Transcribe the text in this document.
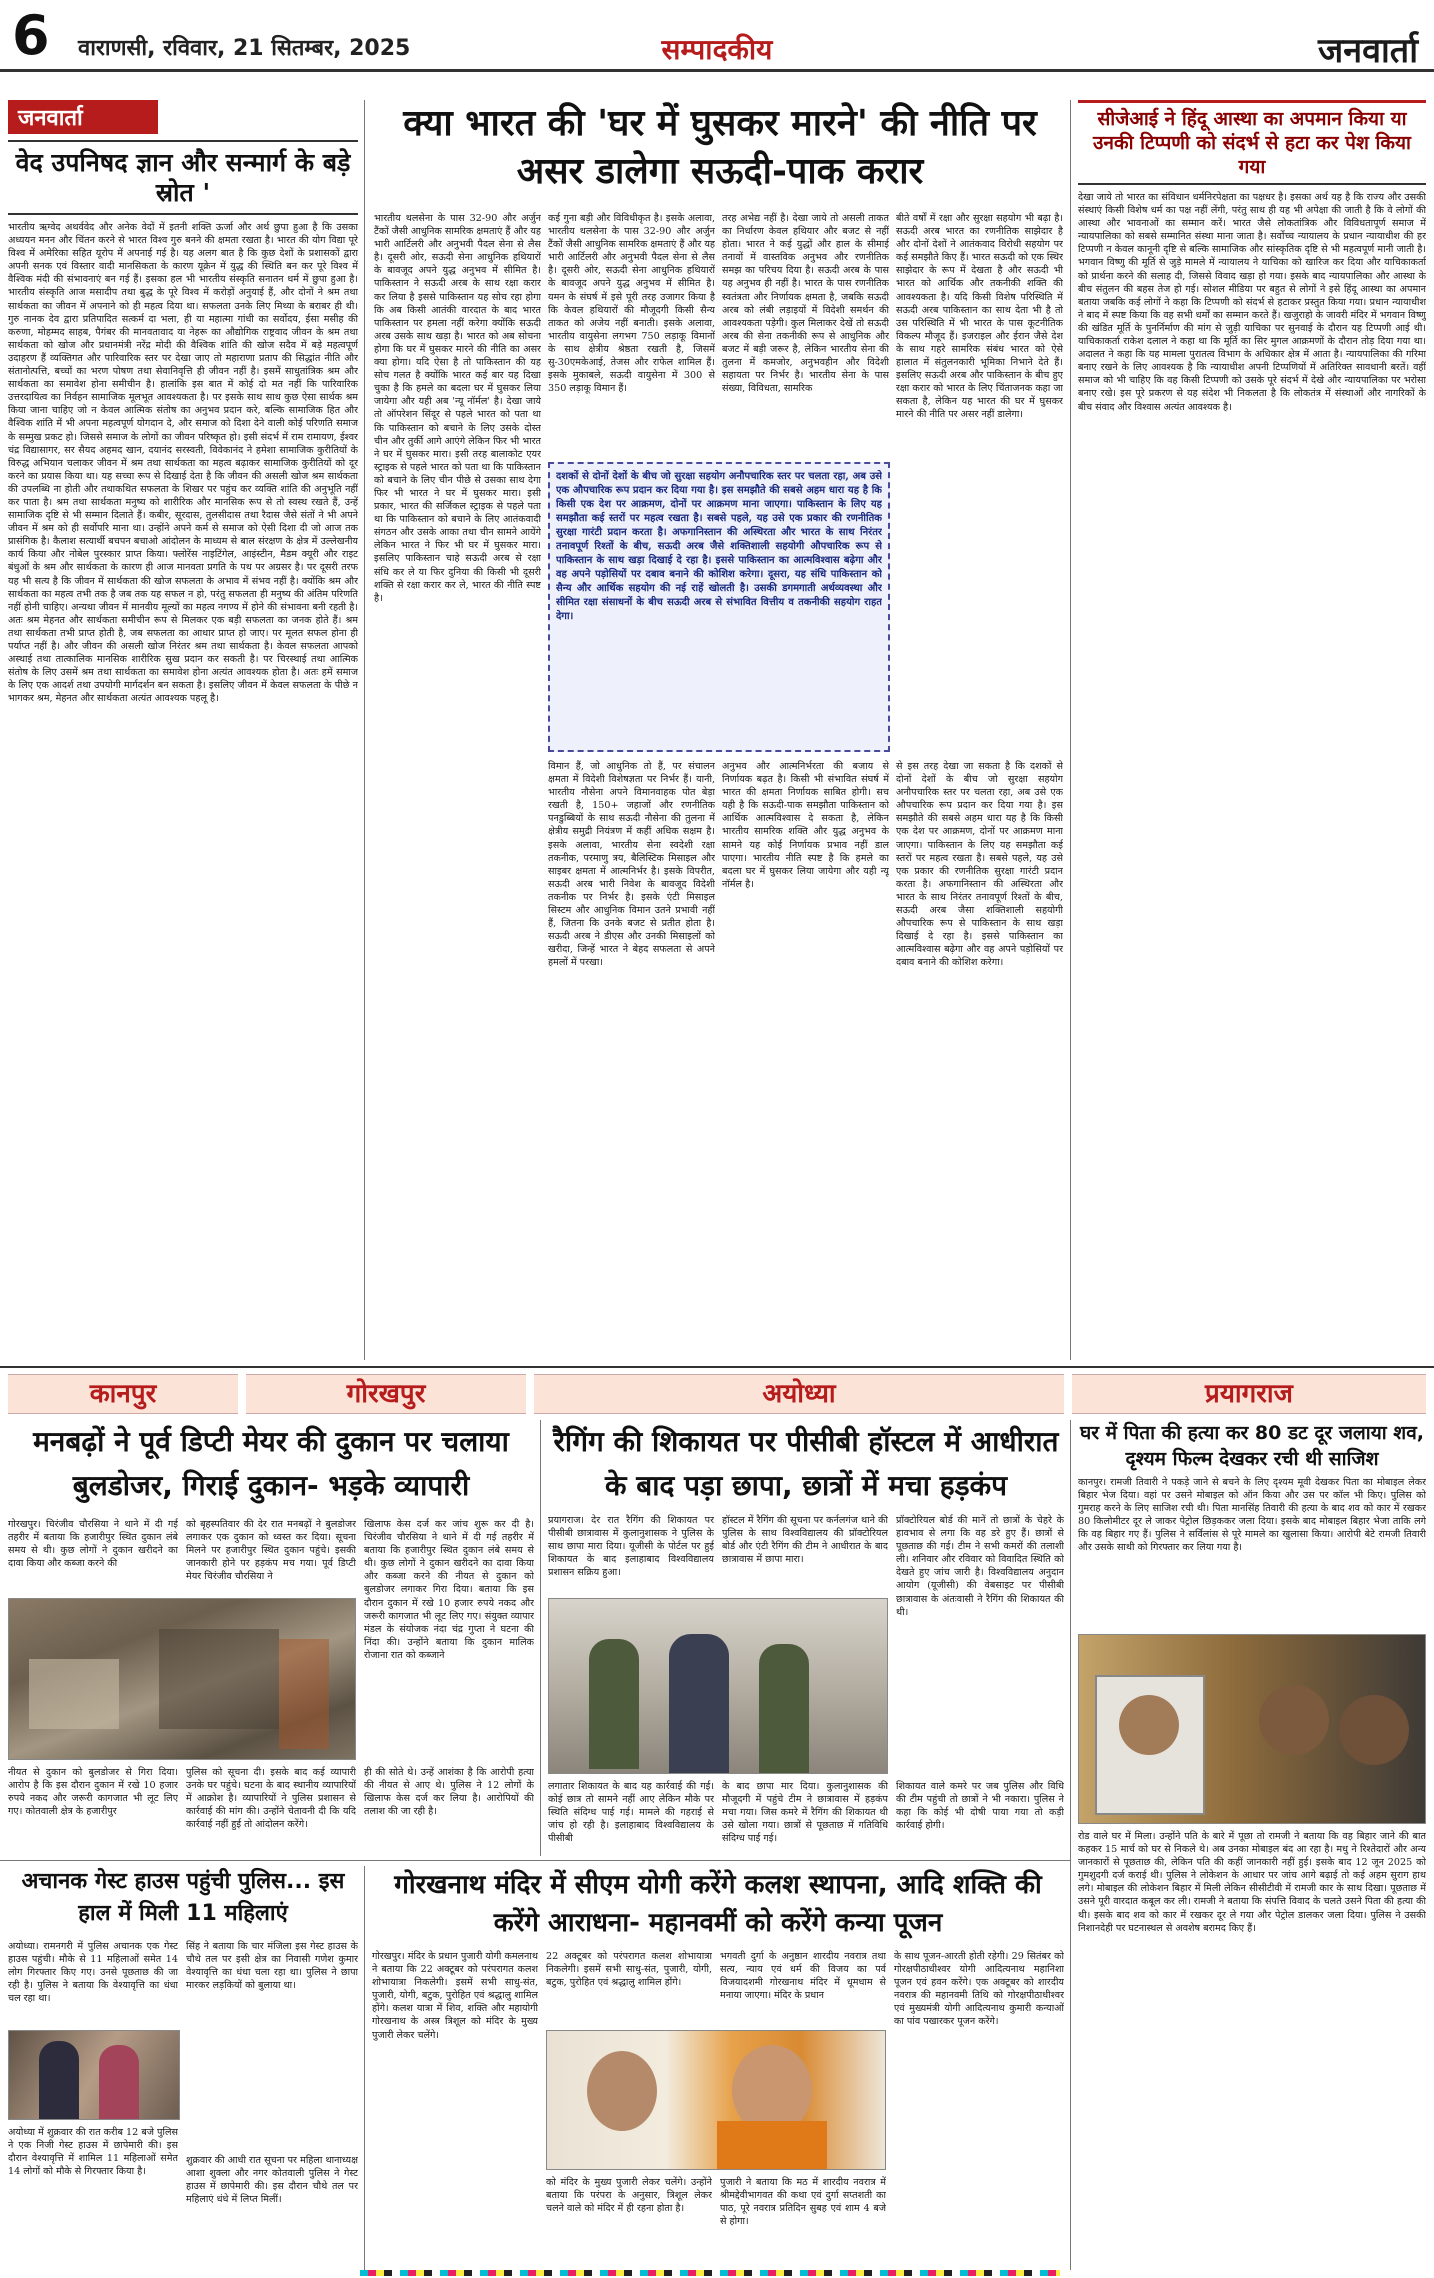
6 वाराणसी, रविवार, 21 सितम्बर, 2025	सम्पादकीय	जनवार्ता
जनवार्ता
वेद उपनिषद ज्ञान और सन्मार्ग के बड़े स्रोत '
भारतीय ऋग्वेद अथर्ववेद और अनेक वेदों में इतनी शक्ति ऊर्जा और अर्थ छुपा हुआ है कि उसका अध्ययन मनन और चिंतन करने से भारत विश्व गुरु बनने की क्षमता रखता है। भारत की योग विद्या पूरे विश्व में अमेरिका सहित यूरोप में अपनाई गई है। यह अलग बात है कि कुछ देशों के प्रशासकों द्वारा अपनी सनक एवं विस्तार वादी मानसिकता के कारण यूक्रेन में युद्ध की स्थिति बन कर पूरे विश्व में वैश्विक मंदी की संभावनाएं बन गई हैं। इसका हल भी भारतीय संस्कृति सनातन धर्म में छुपा हुआ है। भारतीय संस्कृति आज मसादीप तथा बुद्ध के पूरे विश्व में करोड़ों अनुयाई हैं, और दोनों ने श्रम तथा सार्थकता का जीवन में अपनाने को ही महत्व दिया था। सफलता उनके लिए मिथ्या के बराबर ही थी। गुरु नानक देव द्वारा प्रतिपादित सत्कर्म दा भला, ही या महात्मा गांधी का सर्वोदय, ईसा मसीह की करुणा, मोहम्मद साहब, पैगंबर की मानवतावाद या नेहरू का औद्योगिक राष्ट्रवाद जीवन के श्रम तथा सार्थकता को खोज और प्रधानमंत्री नरेंद्र मोदी की वैश्विक शांति की खोज सदैव में बड़े महत्वपूर्ण उदाहरण हैं व्यक्तिगत और पारिवारिक स्तर पर देखा जाए तो महाराणा प्रताप की सिद्धांत नीति और संतानोत्पत्ति, बच्चों का भरण पोषण तथा सेवानिवृत्ति ही जीवन नहीं है। इसमें साधुतांत्रिक श्रम और सार्थकता का समावेश होना समीचीन है। हालांकि इस बात में कोई दो मत नहीं कि पारिवारिक उत्तरदायित्व का निर्वहन सामाजिक मूलभूत आवश्यकता है। पर इसके साथ साथ कुछ ऐसा सार्थक श्रम किया जाना चाहिए जो न केवल आत्मिक संतोष का अनुभव प्रदान करे, बल्कि सामाजिक हित और वैश्विक शांति में भी अपना महत्वपूर्ण योगदान दे, और समाज को दिशा देने वाली कोई परिणति समाज के सम्मुख प्रकट हो। जिससे समाज के लोगों का जीवन परिष्कृत हो। इसी संदर्भ में राम रामायण, ईश्वर चंद्र विद्यासागर, सर सैयद अहमद खान, दयानंद सरस्वती, विवेकानंद ने हमेशा सामाजिक कुरीतियों के विरुद्ध अभियान चलाकर जीवन में श्रम तथा सार्थकता का महत्व बढ़ाकर सामाजिक कुरीतियों को दूर करने का प्रयास किया था। यह सच्चा रूप से दिखाई देता है कि जीवन की असली खोज श्रम सार्थकता की उपलब्धि ना होती और तथाकथित सफलता के शिखर पर पहुंच कर व्यक्ति शांति की अनुभूति नहीं कर पाता है। श्रम तथा सार्थकता मनुष्य को शारीरिक और मानसिक रूप से तो स्वस्थ रखते हैं, उन्हें सामाजिक दृष्टि से भी सम्मान दिलाते हैं। कबीर, सूरदास, तुलसीदास तथा रैदास जैसे संतों ने भी अपने जीवन में श्रम को ही सर्वोपरि माना था। उन्होंने अपने कर्म से समाज को ऐसी दिशा दी जो आज तक प्रासंगिक है। कैलाश सत्यार्थी बचपन बचाओ आंदोलन के माध्यम से बाल संरक्षण के क्षेत्र में उल्लेखनीय कार्य किया और नोबेल पुरस्कार प्राप्त किया। फ्लोरेंस नाइटिंगेल, आइंस्टीन, मैडम क्यूरी और राइट बंधुओं के श्रम और सार्थकता के कारण ही आज मानवता प्रगति के पथ पर अग्रसर है। पर दूसरी तरफ यह भी सत्य है कि जीवन में सार्थकता की खोज सफलता के अभाव में संभव नहीं है। क्योंकि श्रम और सार्थकता का महत्व तभी तक है जब तक यह सफल न हो, परंतु सफलता ही मनुष्य की अंतिम परिणति नहीं होनी चाहिए। अन्यथा जीवन में मानवीय मूल्यों का महत्व नगण्य में होने की संभावना बनी रहती है। अतः श्रम मेहनत और सार्थकता समीचीन रूप से मिलकर एक बड़ी सफलता का जनक होते हैं। श्रम तथा सार्थकता तभी प्राप्त होती है, जब सफलता का आधार प्राप्त हो जाए। पर मूलत सफल होना ही पर्याप्त नहीं है। और जीवन की असली खोज निरंतर श्रम तथा सार्थकता है। केवल सफलता आपको अस्थाई तथा तात्कालिक मानसिक शारीरिक सुख प्रदान कर सकती है। पर चिरस्थाई तथा आत्मिक संतोष के लिए उसमें श्रम तथा सार्थकता का समावेश होना अत्यंत आवश्यक होता है। अतः हमें समाज के लिए एक आदर्श तथा उपयोगी मार्गदर्शन बन सकता है। इसलिए जीवन में केवल सफलता के पीछे न भागकर श्रम, मेहनत और सार्थकता अत्यंत आवश्यक पहलू है।
क्या भारत की 'घर में घुसकर मारने' की नीति पर असर डालेगा सऊदी-पाक करार
भारतीय थलसेना के पास 32-90 और अर्जुन टैंकों जैसी आधुनिक सामरिक क्षमताएं हैं और यह भारी आर्टिलरी और अनुभवी पैदल सेना से लैस है। दूसरी ओर, सऊदी सेना आधुनिक हथियारों के बावजूद अपने युद्ध अनुभव में सीमित है। पाकिस्तान ने सऊदी अरब के साथ रक्षा करार कर लिया है इससे पाकिस्तान यह सोच रहा होगा कि अब किसी आतंकी वारदात के बाद भारत पाकिस्तान पर हमला नहीं करेगा क्योंकि सऊदी अरब उसके साथ खड़ा है। भारत को अब सोचना होगा कि घर में घुसकर मारने की नीति का असर क्या होगा। यदि ऐसा है तो पाकिस्तान की यह सोच गलत है क्योंकि भारत कई बार यह दिखा चुका है कि हमले का बदला घर में घुसकर लिया जायेगा और यही अब 'न्यू नॉर्मल' है। देखा जाये तो ऑपरेशन सिंदूर से पहले भारत को पता था कि पाकिस्तान को बचाने के लिए उसके दोस्त चीन और तुर्की आगे आएंगे लेकिन फिर भी भारत ने घर में घुसकर मारा। इसी तरह बालाकोट एयर स्ट्राइक से पहले भारत को पता था कि पाकिस्तान को बचाने के लिए चीन पीछे से उसका साथ देगा फिर भी भारत ने घर में घुसकर मारा। इसी प्रकार, भारत की सर्जिकल स्ट्राइक से पहले पता था कि पाकिस्तान को बचाने के लिए आतंकवादी संगठन और उसके आका तथा चीन सामने आयेंगे लेकिन भारत ने फिर भी घर में घुसकर मारा। इसलिए पाकिस्तान चाहे सऊदी अरब से रक्षा संधि कर ले या फिर दुनिया की किसी भी दूसरी शक्ति से रक्षा करार कर ले, भारत की नीति स्पष्ट है।
कई गुना बड़ी और विविधीकृत है। इसके अलावा, भारतीय थलसेना के पास 32-90 और अर्जुन टैंकों जैसी आधुनिक सामरिक क्षमताएं हैं और यह भारी आर्टिलरी और अनुभवी पैदल सेना से लैस है। दूसरी ओर, सऊदी सेना आधुनिक हथियारों के बावजूद अपने युद्ध अनुभव में सीमित है। यमन के संघर्ष में इसे पूरी तरह उजागर किया है कि केवल हथियारों की मौजूदगी किसी सैन्य ताकत को अजेय नहीं बनाती। इसके अलावा, भारतीय वायुसेना लगभग 750 लड़ाकू विमानों के साथ क्षेत्रीय श्रेष्ठता रखती है, जिसमें सु-30एमकेआई, तेजस और राफेल शामिल हैं। इसके मुकाबले, सऊदी वायुसेना में 300 से 350 लड़ाकू विमान हैं।
तरह अभेद्य नहीं है। देखा जाये तो असली ताकत का निर्धारण केवल हथियार और बजट से नहीं होता। भारत ने कई युद्धों और हाल के सीमाई तनावों में वास्तविक अनुभव और रणनीतिक समझ का परिचय दिया है। सऊदी अरब के पास यह अनुभव ही नहीं है। भारत के पास रणनीतिक स्वतंत्रता और निर्णायक क्षमता है, जबकि सऊदी अरब को लंबी लड़ाइयों में विदेशी समर्थन की आवश्यकता पड़ेगी। कुल मिलाकर देखें तो सऊदी अरब की सेना तकनीकी रूप से आधुनिक और बजट में बड़ी जरूर है, लेकिन भारतीय सेना की तुलना में कमजोर, अनुभवहीन और विदेशी सहायता पर निर्भर है। भारतीय सेना के पास संख्या, विविधता, सामरिक
बीते वर्षों में रक्षा और सुरक्षा सहयोग भी बढ़ा है। सऊदी अरब भारत का रणनीतिक साझेदार है और दोनों देशों ने आतंकवाद विरोधी सहयोग पर कई समझौते किए हैं। भारत सऊदी को एक स्थिर साझेदार के रूप में देखता है और सऊदी भी भारत को आर्थिक और तकनीकी शक्ति की आवश्यकता है। यदि किसी विशेष परिस्थिति में सऊदी अरब पाकिस्तान का साथ देता भी है तो उस परिस्थिति में भी भारत के पास कूटनीतिक विकल्प मौजूद हैं। इजराइल और ईरान जैसे देश के साथ गहरे सामरिक संबंध भारत को ऐसे हालात में संतुलनकारी भूमिका निभाने देते हैं। इसलिए सऊदी अरब और पाकिस्तान के बीच हुए रक्षा करार को भारत के लिए चिंताजनक कहा जा सकता है, लेकिन यह भारत की घर में घुसकर मारने की नीति पर असर नहीं डालेगा।
दशकों से दोनों देशों के बीच जो सुरक्षा सहयोग अनौपचारिक स्तर पर चलता रहा, अब उसे एक औपचारिक रूप प्रदान कर दिया गया है। इस समझौते की सबसे अहम धारा यह है कि किसी एक देश पर आक्रमण, दोनों पर आक्रमण माना जाएगा। पाकिस्तान के लिए यह समझौता कई स्तरों पर महत्व रखता है। सबसे पहले, यह उसे एक प्रकार की रणनीतिक सुरक्षा गारंटी प्रदान करता है। अफगानिस्तान की अस्थिरता और भारत के साथ निरंतर तनावपूर्ण रिश्तों के बीच, सऊदी अरब जैसे शक्तिशाली सहयोगी औपचारिक रूप से पाकिस्तान के साथ खड़ा दिखाई दे रहा है। इससे पाकिस्तान का आत्मविश्वास बढ़ेगा और वह अपने पड़ोसियों पर दबाव बनाने की कोशिश करेगा। दूसरा, यह संधि पाकिस्तान को सैन्य और आर्थिक सहयोग की नई राहें खोलती है। उसकी डगमगाती अर्थव्यवस्था और सीमित रक्षा संसाधनों के बीच सऊदी अरब से संभावित वित्तीय व तकनीकी सहयोग राहत देगा।
विमान हैं, जो आधुनिक तो हैं, पर संचालन क्षमता में विदेशी विशेषज्ञता पर निर्भर हैं। यानी, भारतीय नौसेना अपने विमानवाहक पोत बेड़ा रखती है, 150+ जहाजों और रणनीतिक पनडुब्बियों के साथ सऊदी नौसेना की तुलना में क्षेत्रीय समुद्री नियंत्रण में कहीं अधिक सक्षम है। इसके अलावा, भारतीय सेना स्वदेशी रक्षा तकनीक, परमाणु त्रय, बैलिस्टिक मिसाइल और साइबर क्षमता में आत्मनिर्भर है। इसके विपरीत, सऊदी अरब भारी निवेश के बावजूद विदेशी तकनीक पर निर्भर है। इसके एंटी मिसाइल सिस्टम और आधुनिक विमान उतने प्रभावी नहीं हैं, जितना कि उनके बजट से प्रतीत होता है। सऊदी अरब ने डीएस और उनकी मिसाइलों को खरीदा, जिन्हें भारत ने बेहद सफलता से अपने हमलों में परखा।
अनुभव और आत्मनिर्भरता की बजाय से निर्णायक बढ़त है। किसी भी संभावित संघर्ष में भारत की क्षमता निर्णायक साबित होगी। सच यही है कि सऊदी-पाक समझौता पाकिस्तान को आर्थिक आत्मविश्वास दे सकता है, लेकिन भारतीय सामरिक शक्ति और युद्ध अनुभव के सामने यह कोई निर्णायक प्रभाव नहीं डाल पाएगा। भारतीय नीति स्पष्ट है कि हमले का बदला घर में घुसकर लिया जायेगा और यही न्यू नॉर्मल है।
से इस तरह देखा जा सकता है कि दशकों से दोनों देशों के बीच जो सुरक्षा सहयोग अनौपचारिक स्तर पर चलता रहा, अब उसे एक औपचारिक रूप प्रदान कर दिया गया है। इस समझौते की सबसे अहम धारा यह है कि किसी एक देश पर आक्रमण, दोनों पर आक्रमण माना जाएगा। पाकिस्तान के लिए यह समझौता कई स्तरों पर महत्व रखता है। सबसे पहले, यह उसे एक प्रकार की रणनीतिक सुरक्षा गारंटी प्रदान करता है। अफगानिस्तान की अस्थिरता और भारत के साथ निरंतर तनावपूर्ण रिश्तों के बीच, सऊदी अरब जैसा शक्तिशाली सहयोगी औपचारिक रूप से पाकिस्तान के साथ खड़ा दिखाई दे रहा है। इससे पाकिस्तान का आत्मविश्वास बढ़ेगा और वह अपने पड़ोसियों पर दबाव बनाने की कोशिश करेगा।
सीजेआई ने हिंदू आस्था का अपमान किया या उनकी टिप्पणी को संदर्भ से हटा कर पेश किया गया
देखा जाये तो भारत का संविधान धर्मनिरपेक्षता का पक्षधर है। इसका अर्थ यह है कि राज्य और उसकी संस्थाएं किसी विशेष धर्म का पक्ष नहीं लेंगी, परंतु साथ ही यह भी अपेक्षा की जाती है कि वे लोगों की आस्था और भावनाओं का सम्मान करें। भारत जैसे लोकतांत्रिक और विविधतापूर्ण समाज में न्यायपालिका को सबसे सम्मानित संस्था माना जाता है। सर्वोच्च न्यायालय के प्रधान न्यायाधीश की हर टिप्पणी न केवल कानूनी दृष्टि से बल्कि सामाजिक और सांस्कृतिक दृष्टि से भी महत्वपूर्ण मानी जाती है। भगवान विष्णु की मूर्ति से जुड़े मामले में न्यायालय ने याचिका को खारिज कर दिया और याचिकाकर्ता को प्रार्थना करने की सलाह दी, जिससे विवाद खड़ा हो गया। इसके बाद न्यायपालिका और आस्था के बीच संतुलन की बहस तेज हो गई। सोशल मीडिया पर बहुत से लोगों ने इसे हिंदू आस्था का अपमान बताया जबकि कई लोगों ने कहा कि टिप्पणी को संदर्भ से हटाकर प्रस्तुत किया गया। प्रधान न्यायाधीश ने बाद में स्पष्ट किया कि वह सभी धर्मों का सम्मान करते हैं। खजुराहो के जावरी मंदिर में भगवान विष्णु की खंडित मूर्ति के पुनर्निर्माण की मांग से जुड़ी याचिका पर सुनवाई के दौरान यह टिप्पणी आई थी। याचिकाकर्ता राकेश दलाल ने कहा था कि मूर्ति का सिर मुगल आक्रमणों के दौरान तोड़ दिया गया था। अदालत ने कहा कि यह मामला पुरातत्व विभाग के अधिकार क्षेत्र में आता है। न्यायपालिका की गरिमा बनाए रखने के लिए आवश्यक है कि न्यायाधीश अपनी टिप्पणियों में अतिरिक्त सावधानी बरतें। वहीं समाज को भी चाहिए कि वह किसी टिप्पणी को उसके पूरे संदर्भ में देखे और न्यायपालिका पर भरोसा बनाए रखे। इस पूरे प्रकरण से यह संदेश भी निकलता है कि लोकतंत्र में संस्थाओं और नागरिकों के बीच संवाद और विश्वास अत्यंत आवश्यक है।
कानपुर	गोरखपुर	अयोध्या	प्रयागराज
मनबढ़ों ने पूर्व डिप्टी मेयर की दुकान पर चलाया बुलडोजर, गिराई दुकान- भड़के व्यापारी
गोरखपुर। चिरंजीव चौरसिया ने थाने में दी गई तहरीर में बताया कि हजारीपुर स्थित दुकान लंबे समय से थी। कुछ लोगों ने दुकान खरीदने का दावा किया और कब्जा करने की
को बृहस्पतिवार की देर रात मनबढ़ों ने बुलडोजर लगाकर एक दुकान को ध्वस्त कर दिया। सूचना मिलने पर हजारीपुर स्थित दुकान पहुंचे। इसकी जानकारी होने पर हड़कंप मच गया। पूर्व डिप्टी मेयर चिरंजीव चौरसिया ने
खिलाफ केस दर्ज कर जांच शुरू कर दी है। चिरंजीव चौरसिया ने थाने में दी गई तहरीर में बताया कि हजारीपुर स्थित दुकान लंबे समय से थी। कुछ लोगों ने दुकान खरीदने का दावा किया और कब्जा करने की नीयत से दुकान को बुलडोजर लगाकर गिरा दिया। बताया कि इस दौरान दुकान में रखे 10 हजार रुपये नकद और जरूरी कागजात भी लूट लिए गए। संयुक्त व्यापार मंडल के संयोजक नंदा चंद्र गुप्ता ने घटना की निंदा की। उन्होंने बताया कि दुकान मालिक रोजाना रात को कब्जाने
नीयत से दुकान को बुलडोजर से गिरा दिया। आरोप है कि इस दौरान दुकान में रखे 10 हजार रुपये नकद और जरूरी कागजात भी लूट लिए गए। कोतवाली क्षेत्र के हजारीपुर
पुलिस को सूचना दी। इसके बाद कई व्यापारी उनके घर पहुंचे। घटना के बाद स्थानीय व्यापारियों में आक्रोश है। व्यापारियों ने पुलिस प्रशासन से कार्रवाई की मांग की। उन्होंने चेतावनी दी कि यदि कार्रवाई नहीं हुई तो आंदोलन करेंगे।
ही की सोते थे। उन्हें आशंका है कि आरोपी हत्या की नीयत से आए थे। पुलिस ने 12 लोगों के खिलाफ केस दर्ज कर लिया है। आरोपियों की तलाश की जा रही है।
रैगिंग की शिकायत पर पीसीबी हॉस्टल में आधीरात के बाद पड़ा छापा, छात्रों में मचा हड़कंप
प्रयागराज। देर रात रैगिंग की शिकायत पर पीसीबी छात्रावास में कुलानुशासक ने पुलिस के साथ छापा मारा दिया। यूजीसी के पोर्टल पर हुई शिकायत के बाद इलाहाबाद विश्वविद्यालय प्रशासन सक्रिय हुआ।
हॉस्टल में रैगिंग की सूचना पर कर्नलगंज थाने की पुलिस के साथ विश्वविद्यालय की प्रॉक्टोरियल बोर्ड और एंटी रैगिंग की टीम ने आधीरात के बाद छात्रावास में छापा मारा।
प्रॉक्टोरियल बोर्ड की मानें तो छात्रों के चेहरे के हावभाव से लगा कि वह डरे हुए हैं। छात्रों से पूछताछ की गई। टीम ने सभी कमरों की तलाशी ली। शनिवार और रविवार को विवादित स्थिति को देखते हुए जांच जारी है। विश्वविद्यालय अनुदान आयोग (यूजीसी) की वेबसाइट पर पीसीबी छात्रावास के अंतःवासी ने रैगिंग की शिकायत की थी।
लगातार शिकायत के बाद यह कार्रवाई की गई। कोई छात्र तो सामने नहीं आए लेकिन मौके पर स्थिति संदिग्ध पाई गई। मामले की गहराई से जांच हो रही है। इलाहाबाद विश्वविद्यालय के पीसीबी
के बाद छापा मार दिया। कुलानुशासक की मौजूदगी में पहुंचे टीम ने छात्रावास में हड़कंप मचा गया। जिस कमरे में रैगिंग की शिकायत थी उसे खोला गया। छात्रों से पूछताछ में गतिविधि संदिग्ध पाई गई।
शिकायत वाले कमरे पर जब पुलिस और विधि की टीम पहुंची तो छात्रों ने भी नकारा। पुलिस ने कहा कि कोई भी दोषी पाया गया तो कड़ी कार्रवाई होगी।
घर में पिता की हत्या कर 80 डट दूर जलाया शव, दृश्यम फिल्म देखकर रची थी साजिश
कानपुर। रामजी तिवारी ने पकड़े जाने से बचने के लिए दृश्यम मूवी देखकर पिता का मोबाइल लेकर बिहार भेज दिया। वहां पर उसने मोबाइल को ऑन किया और उस पर कॉल भी किए। पुलिस को गुमराह करने के लिए साजिश रची थी। पिता मानसिंह तिवारी की हत्या के बाद शव को कार में रखकर 80 किलोमीटर दूर ले जाकर पेट्रोल छिड़ककर जला दिया। इसके बाद मोबाइल बिहार भेजा ताकि लगे कि वह बिहार गए हैं। पुलिस ने सर्विलांस से पूरे मामले का खुलासा किया। आरोपी बेटे रामजी तिवारी और उसके साथी को गिरफ्तार कर लिया गया है।
रोड वाले घर में मिला। उन्होंने पति के बारे में पूछा तो रामजी ने बताया कि वह बिहार जाने की बात कहकर 15 मार्च को घर से निकले थे। अब उनका मोबाइल बंद आ रहा है। मधु ने रिश्तेदारों और अन्य जानकारों से पूछताछ की, लेकिन पति की कहीं जानकारी नहीं हुई। इसके बाद 12 जून 2025 को गुमशुदगी दर्ज कराई थी। पुलिस ने लोकेशन के आधार पर जांच आगे बढ़ाई तो कई अहम सुराग हाथ लगे। मोबाइल की लोकेशन बिहार में मिली लेकिन सीसीटीवी में रामजी कार के साथ दिखा। पूछताछ में उसने पूरी वारदात कबूल कर ली। रामजी ने बताया कि संपत्ति विवाद के चलते उसने पिता की हत्या की थी। इसके बाद शव को कार में रखकर दूर ले गया और पेट्रोल डालकर जला दिया। पुलिस ने उसकी निशानदेही पर घटनास्थल से अवशेष बरामद किए हैं।
अचानक गेस्ट हाउस पहुंची पुलिस... इस हाल में मिली 11 महिलाएं
अयोध्या। रामनगरी में पुलिस अचानक एक गेस्ट हाउस पहुंची। मौके से 11 महिलाओं समेत 14 लोग गिरफ्तार किए गए। उनसे पूछताछ की जा रही है। पुलिस ने बताया कि वेश्यावृत्ति का धंधा चल रहा था।
सिंह ने बताया कि चार मंजिला इस गेस्ट हाउस के चौथे तल पर इसी क्षेत्र का निवासी गणेश कुमार वेश्यावृत्ति का धंधा चला रहा था। पुलिस ने छापा मारकर लड़कियों को बुलाया था।
अयोध्या में शुक्रवार की रात करीब 12 बजे पुलिस ने एक निजी गेस्ट हाउस में छापेमारी की। इस दौरान वेश्यावृत्ति में शामिल 11 महिलाओं समेत 14 लोगों को मौके से गिरफ्तार किया है।
शुक्रवार की आधी रात सूचना पर महिला थानाध्यक्ष आशा शुक्ला और नगर कोतवाली पुलिस ने गेस्ट हाउस में छापेमारी की। इस दौरान चौथे तल पर महिलाएं धंधे में लिप्त मिलीं।
गोरखनाथ मंदिर में सीएम योगी करेंगे कलश स्थापना, आदि शक्ति की करेंगे आराधना- महानवमीं को करेंगे कन्या पूजन
गोरखपुर। मंदिर के प्रधान पुजारी योगी कमलनाथ ने बताया कि 22 अक्टूबर को परंपरागत कलश शोभायात्रा निकलेगी। इसमें सभी साधु-संत, पुजारी, योगी, बटुक, पुरोहित एवं श्रद्धालु शामिल होंगे। कलश यात्रा में शिव, शक्ति और महायोगी गोरखनाथ के अस्त्र त्रिशूल को मंदिर के मुख्य पुजारी लेकर चलेंगे।
22 अक्टूबर को परंपरागत कलश शोभायात्रा निकलेगी। इसमें सभी साधु-संत, पुजारी, योगी, बटुक, पुरोहित एवं श्रद्धालु शामिल होंगे।
भगवती दुर्गा के अनुष्ठान शारदीय नवरात्र तथा सत्य, न्याय एवं धर्म की विजय का पर्व विजयादशमी गोरखनाथ मंदिर में धूमधाम से मनाया जाएगा। मंदिर के प्रधान
के साथ पूजन-आरती होती रहेगी। 29 सितंबर को गोरक्षपीठाधीश्वर योगी आदित्यनाथ महानिशा पूजन एवं हवन करेंगे। एक अक्टूबर को शारदीय नवरात्र की महानवमी तिथि को गोरक्षपीठाधीश्वर एवं मुख्यमंत्री योगी आदित्यनाथ कुमारी कन्याओं का पांव पखारकर पूजन करेंगे।
को मंदिर के मुख्य पुजारी लेकर चलेंगे। उन्होंने बताया कि परंपरा के अनुसार, त्रिशूल लेकर चलने वाले को मंदिर में ही रहना होता है।
पुजारी ने बताया कि मठ में शारदीय नवरात्र में श्रीमद्देवीभागवत की कथा एवं दुर्गा सप्तशती का पाठ, पूरे नवरात्र प्रतिदिन सुबह एवं शाम 4 बजे से होगा।
